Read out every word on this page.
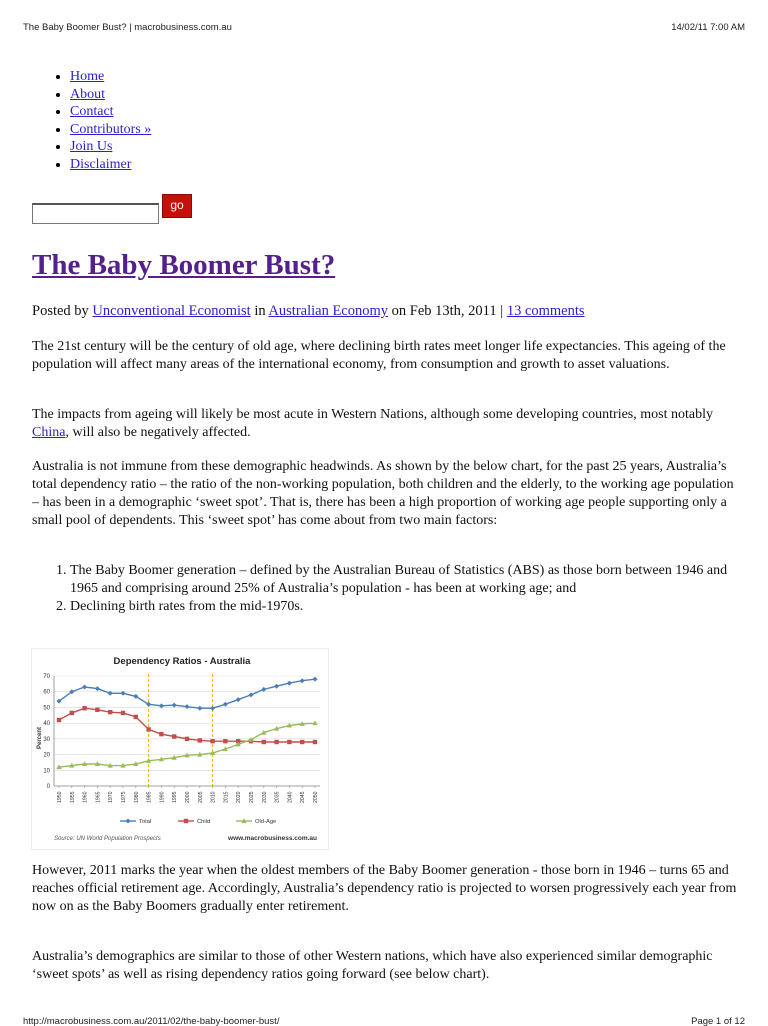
The Baby Boomer Bust? | macrobusiness.com.au	14/02/11 7:00 AM
• Home
• About
• Contact
• Contributors »
• Join Us
• Disclaimer
go
The Baby Boomer Bust?
Posted by Unconventional Economist in Australian Economy on Feb 13th, 2011 | 13 comments

The 21st century will be the century of old age, where declining birth rates meet longer life expectancies. This ageing of the population will affect many areas of the international economy, from consumption and growth to asset valuations.

The impacts from ageing will likely be most acute in Western Nations, although some developing countries, most notably China, will also be negatively affected.

Australia is not immune from these demographic headwinds. As shown by the below chart, for the past 25 years, Australia’s total dependency ratio – the ratio of the non-working population, both children and the elderly, to the working age population – has been in a demographic ‘sweet spot’. That is, there has been a high proportion of working age people supporting only a small pool of dependents. This ‘sweet spot’ has come about from two main factors:

1. The Baby Boomer generation – defined by the Australian Bureau of Statistics (ABS) as those born between 1946 and 1965 and comprising around 25% of Australia’s population - has been at working age; and
2. Declining birth rates from the mid-1970s.
Dependency Ratios - Australia
Percent
0
10
20
30
40
50
60
70
1950 1955 1960 1965 1970 1975 1980 1985 1990 1995 2000 2005 2010 2015 2020 2025 2030 2035 2040 2045 2050
Total	Child	Old-Age
Source: UN World Population Prospects	www.macrobusiness.com.au

However, 2011 marks the year when the oldest members of the Baby Boomer generation - those born in 1946 – turns 65 and reaches official retirement age. Accordingly, Australia’s dependency ratio is projected to worsen progressively each year from now on as the Baby Boomers gradually enter retirement.

Australia’s demographics are similar to those of other Western nations, which have also experienced similar demographic ‘sweet spots’ as well as rising dependency ratios going forward (see below chart).

http://macrobusiness.com.au/2011/02/the-baby-boomer-bust/	Page 1 of 12
